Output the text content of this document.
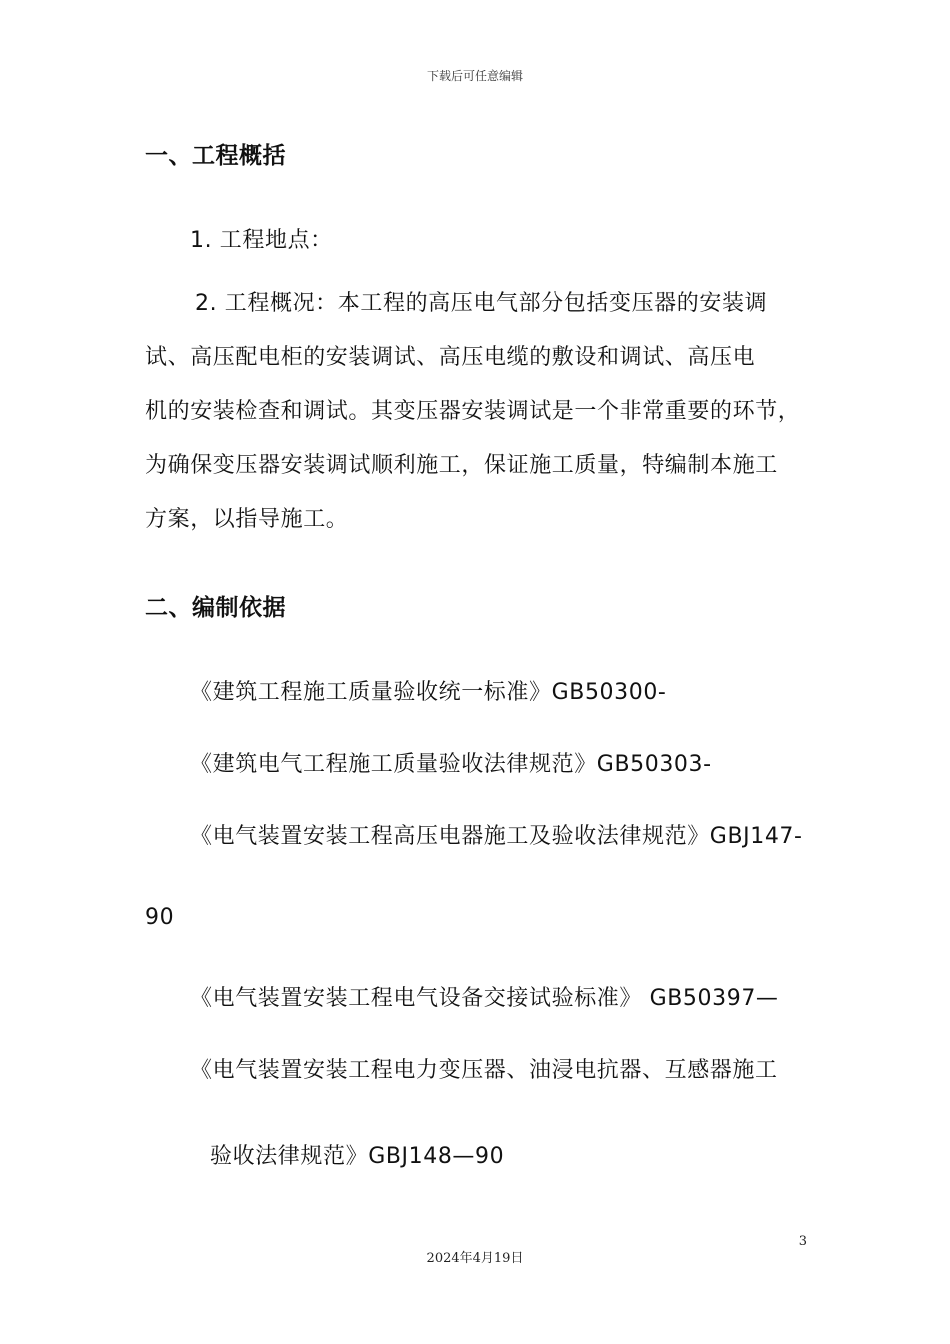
下载后可任意编辑
一、工程概括
1. 工程地点：
2. 工程概况：本工程的高压电气部分包括变压器的安装调
试、高压配电柜的安装调试、高压电缆的敷设和调试、高压电
机的安装检查和调试。其变压器安装调试是一个非常重要的环节，
为确保变压器安装调试顺利施工，保证施工质量，特编制本施工
方案，以指导施工。
二、编制依据
《建筑工程施工质量验收统一标准》GB50300-
《建筑电气工程施工质量验收法律规范》GB50303-
《电气装置安装工程高压电器施工及验收法律规范》GBJ147-
90
《电气装置安装工程电气设备交接试验标准》 GB50397—
《电气装置安装工程电力变压器、油浸电抗器、互感器施工
验收法律规范》GBJ148—90
3
2024年4月19日
